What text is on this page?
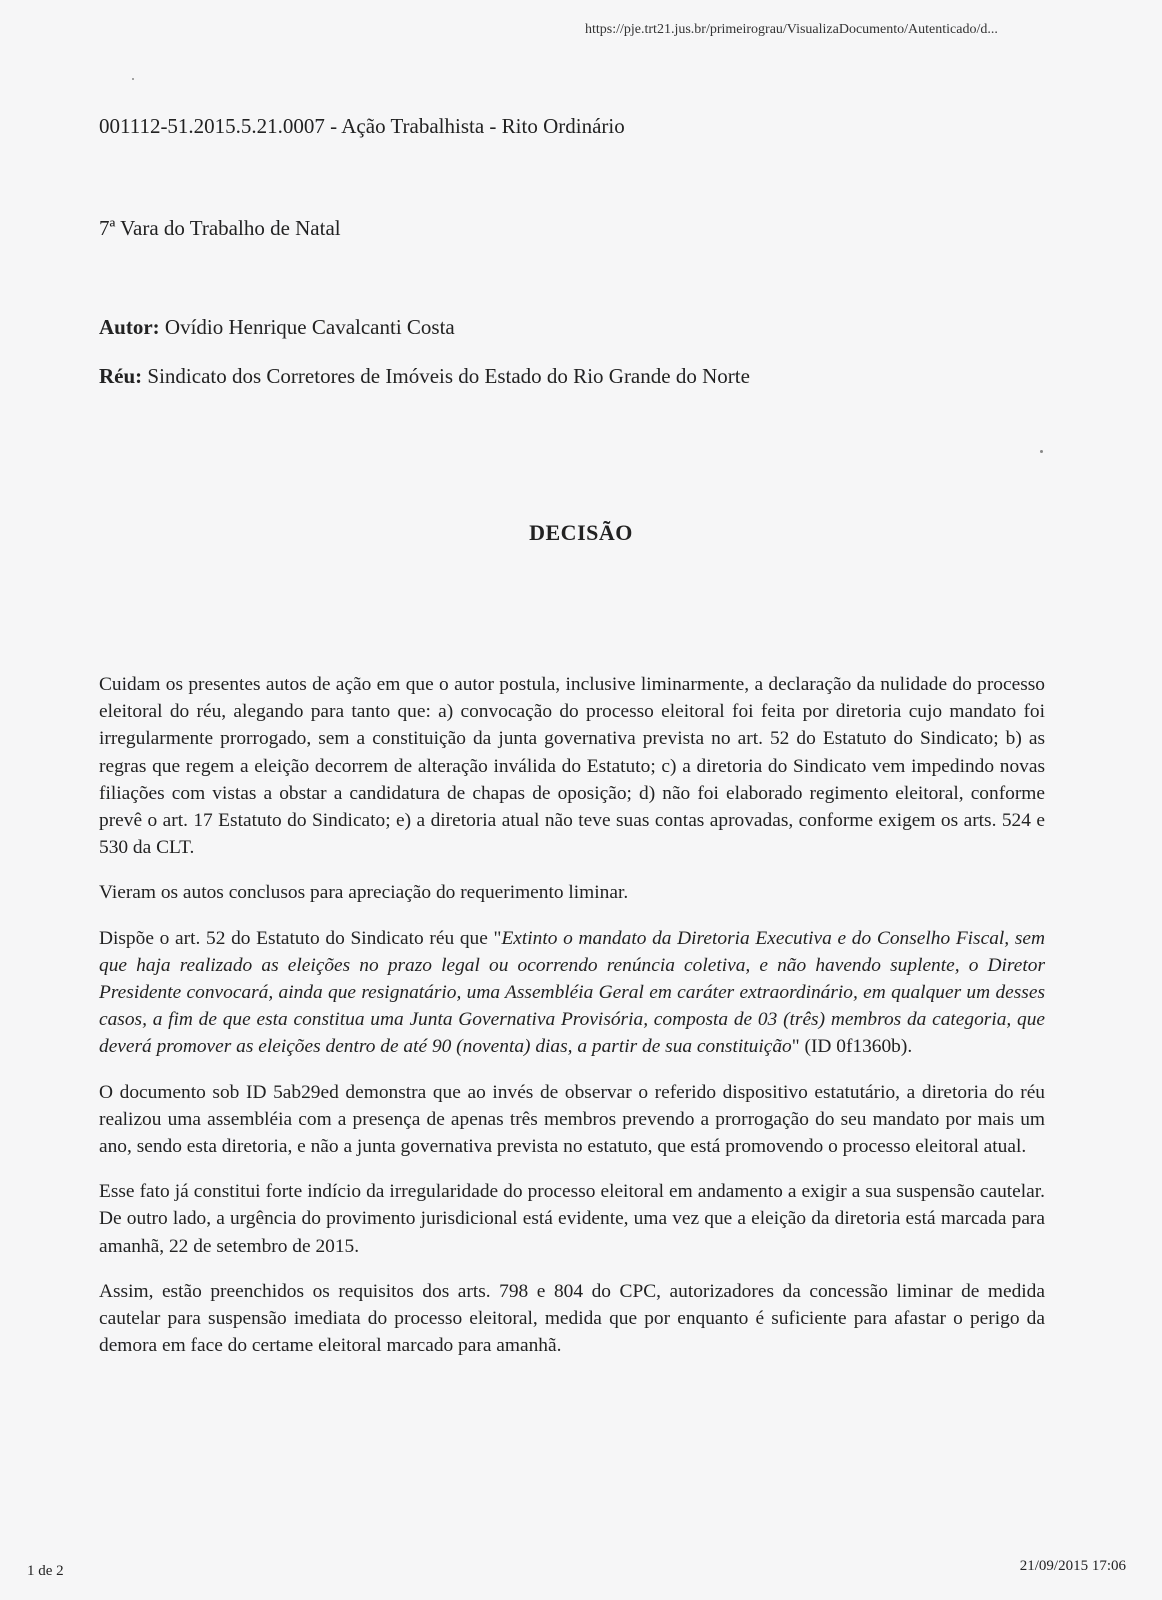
https://pje.trt21.jus.br/primeirograu/VisualizaDocumento/Autenticado/d...
001112-51.2015.5.21.0007 - Ação Trabalhista - Rito Ordinário
7ª Vara do Trabalho de Natal
Autor: Ovídio Henrique Cavalcanti Costa
Réu: Sindicato dos Corretores de Imóveis do Estado do Rio Grande do Norte
DECISÃO

Cuidam os presentes autos de ação em que o autor postula, inclusive liminarmente, a declaração da nulidade do processo eleitoral do réu, alegando para tanto que: a) convocação do processo eleitoral foi feita por diretoria cujo mandato foi irregularmente prorrogado, sem a constituição da junta governativa prevista no art. 52 do Estatuto do Sindicato; b) as regras que regem a eleição decorrem de alteração inválida do Estatuto; c) a diretoria do Sindicato vem impedindo novas filiações com vistas a obstar a candidatura de chapas de oposição; d) não foi elaborado regimento eleitoral, conforme prevê o art. 17 Estatuto do Sindicato; e) a diretoria atual não teve suas contas aprovadas, conforme exigem os arts. 524 e 530 da CLT.

Vieram os autos conclusos para apreciação do requerimento liminar.

Dispõe o art. 52 do Estatuto do Sindicato réu que "Extinto o mandato da Diretoria Executiva e do Conselho Fiscal, sem que haja realizado as eleições no prazo legal ou ocorrendo renúncia coletiva, e não havendo suplente, o Diretor Presidente convocará, ainda que resignatário, uma Assembléia Geral em caráter extraordinário, em qualquer um desses casos, a fim de que esta constitua uma Junta Governativa Provisória, composta de 03 (três) membros da categoria, que deverá promover as eleições dentro de até 90 (noventa) dias, a partir de sua constituição" (ID 0f1360b).

O documento sob ID 5ab29ed demonstra que ao invés de observar o referido dispositivo estatutário, a diretoria do réu realizou uma assembléia com a presença de apenas três membros prevendo a prorrogação do seu mandato por mais um ano, sendo esta diretoria, e não a junta governativa prevista no estatuto, que está promovendo o processo eleitoral atual.

Esse fato já constitui forte indício da irregularidade do processo eleitoral em andamento a exigir a sua suspensão cautelar. De outro lado, a urgência do provimento jurisdicional está evidente, uma vez que a eleição da diretoria está marcada para amanhã, 22 de setembro de 2015.

Assim, estão preenchidos os requisitos dos arts. 798 e 804 do CPC, autorizadores da concessão liminar de medida cautelar para suspensão imediata do processo eleitoral, medida que por enquanto é suficiente para afastar o perigo da demora em face do certame eleitoral marcado para amanhã.

1 de 2	21/09/2015 17:06
